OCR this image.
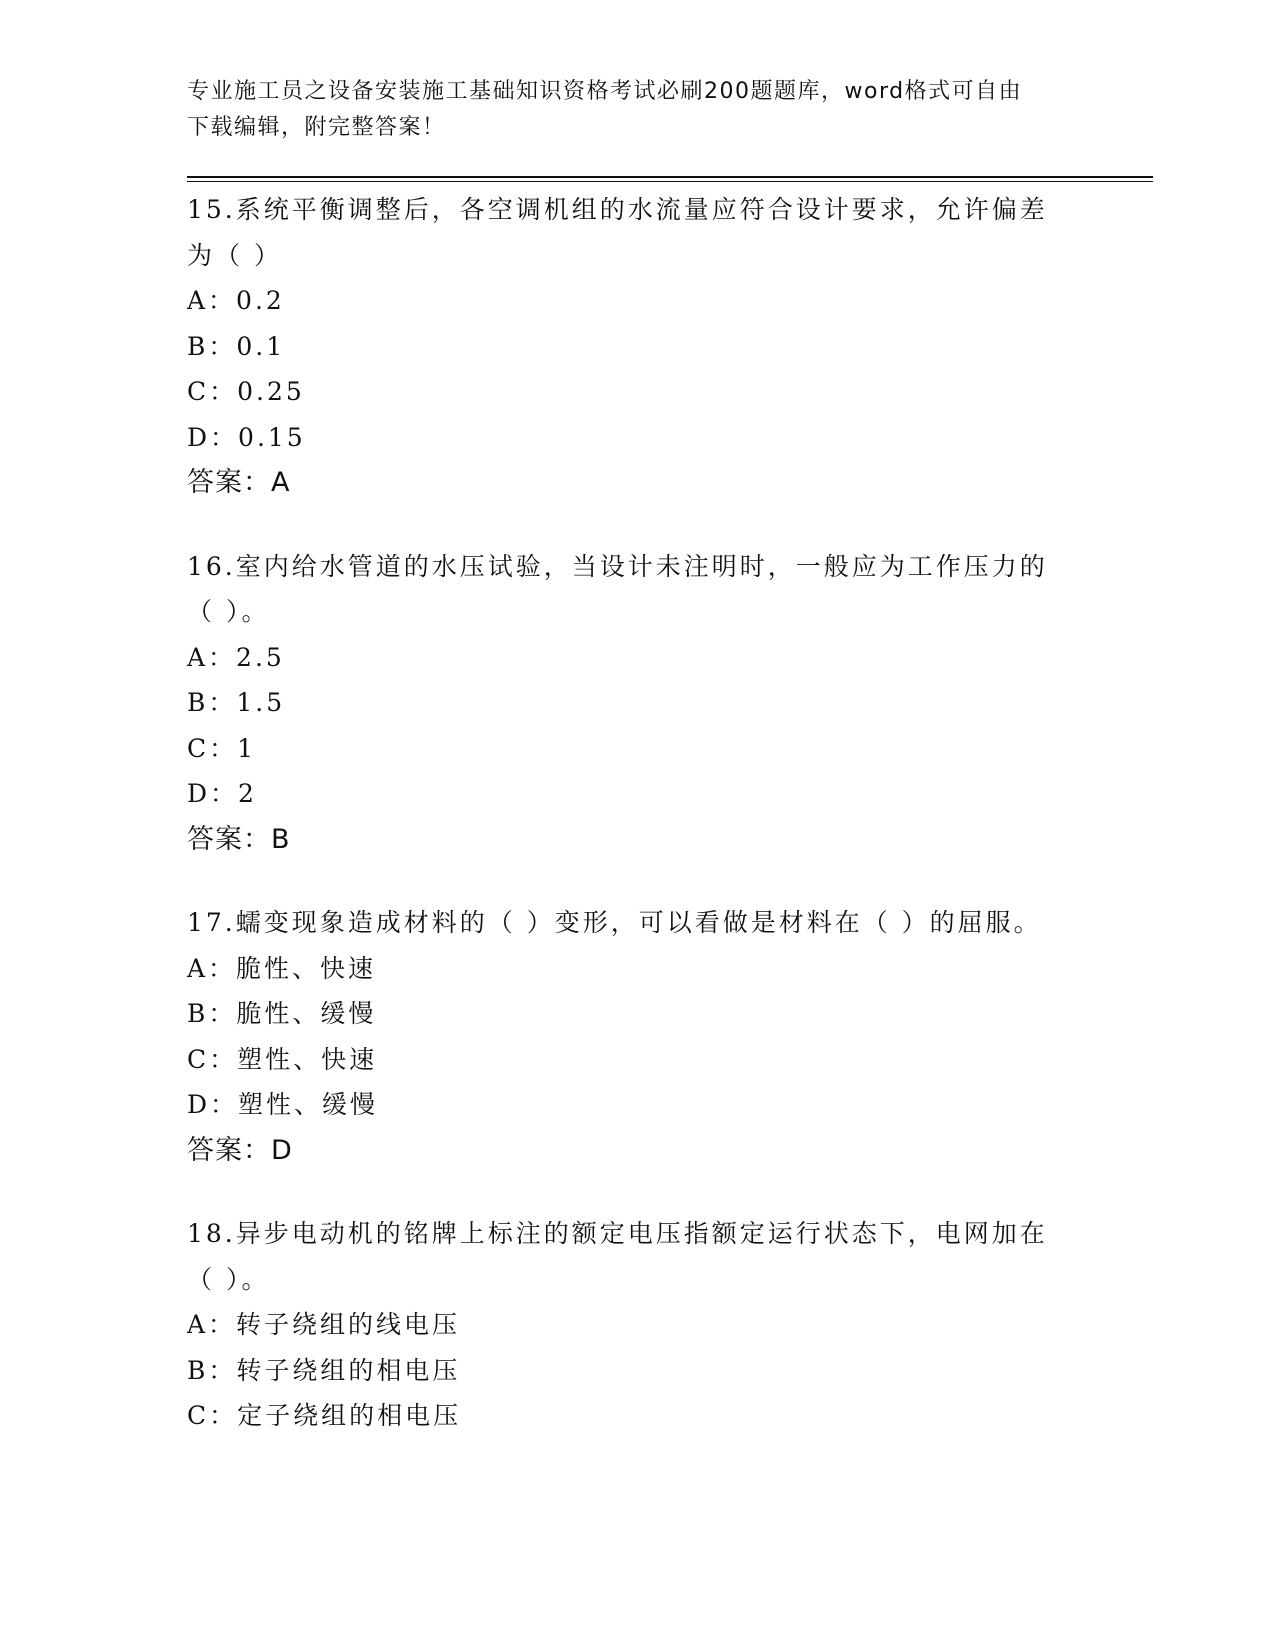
专业施工员之设备安装施工基础知识资格考试必刷200题题库，word格式可自由
下载编辑，附完整答案！

15.系统平衡调整后，各空调机组的水流量应符合设计要求，允许偏差

为（ ）

A：0.2

B：0.1

C：0.25

D：0.15

答案：A

16.室内给水管道的水压试验，当设计未注明时，一般应为工作压力的

（ ）。

A：2.5

B：1.5

C：1

D：2

答案：B

17.蠕变现象造成材料的（ ）变形，可以看做是材料在（ ）的屈服。

A：脆性、快速

B：脆性、缓慢

C：塑性、快速

D：塑性、缓慢

答案：D

18.异步电动机的铭牌上标注的额定电压指额定运行状态下，电网加在

（ ）。

A：转子绕组的线电压

B：转子绕组的相电压

C：定子绕组的相电压
